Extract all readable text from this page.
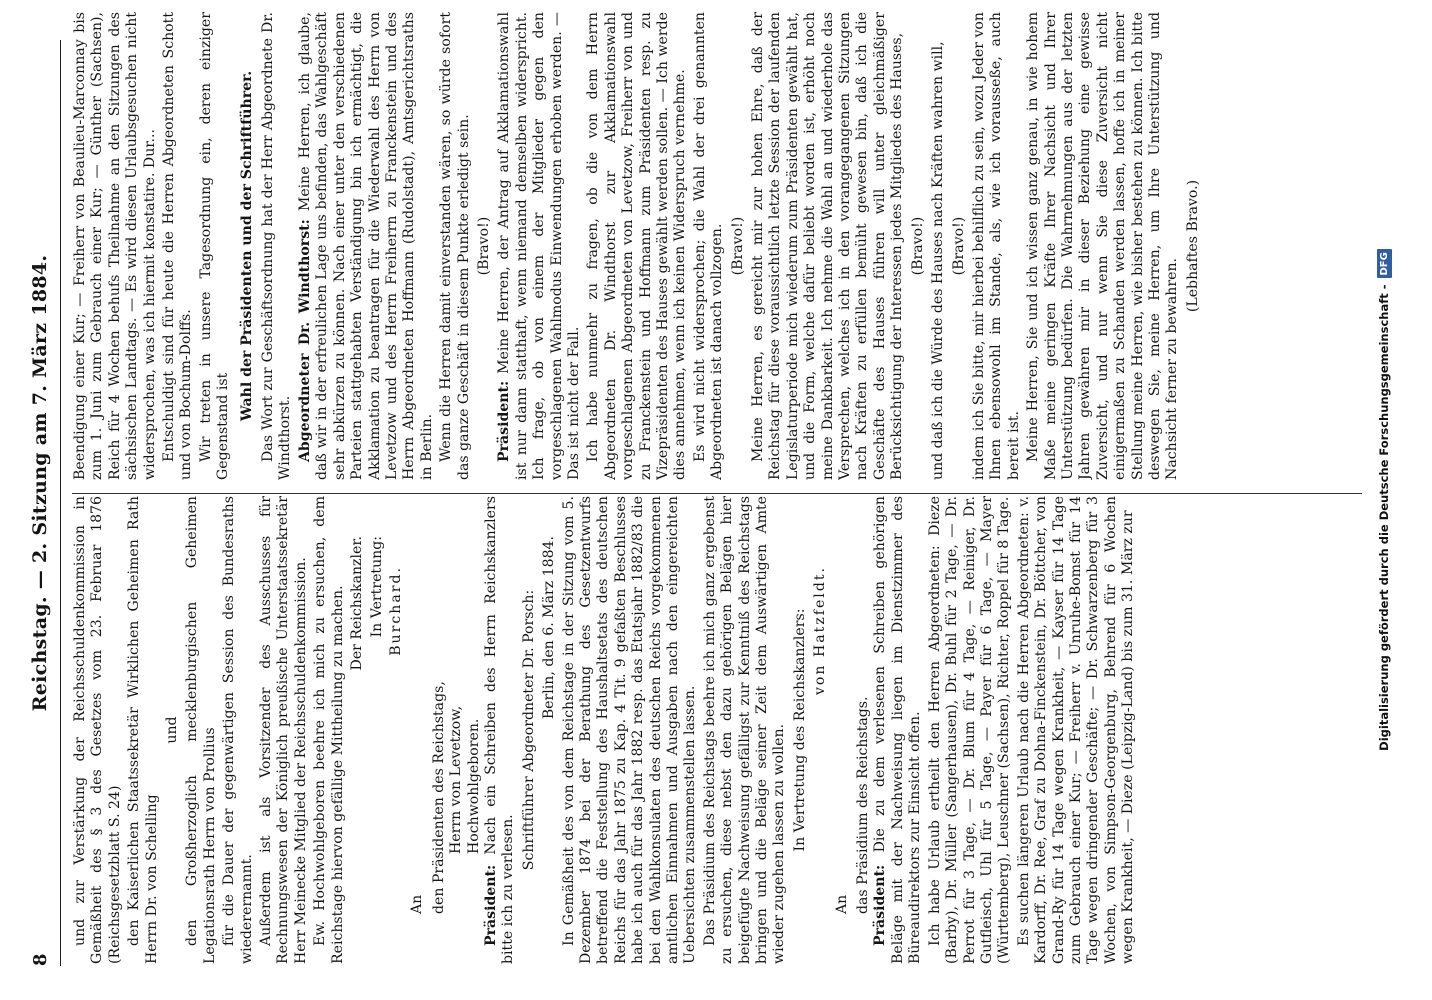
8
Reichstag. — 2. Sitzung am 7. März 1884.

und zur Verstärkung der Reichsschuldenkommission in Gemäßheit des § 3 des Gesetzes vom 23. Februar 1876 (Reichsgesetzblatt S. 24) den Kaiserlichen Staatssekretär Wirklichen Geheimen Rath Herrn Dr. von Schelling

und den Großherzoglich mecklenburgischen Geheimen Legationsrath Herrn von Prollius für die Dauer der gegenwärtigen Session des Bundesraths wiederernannt. Außerdem ist als Vorsitzender des Ausschusses für Rechnungswesen der Königlich preußische Unterstaatssekretär Herr Meinecke Mitglied der Reichsschuldenkommission. Ew. Hochwohlgeboren beehre ich mich zu ersuchen, dem Reichstage hiervon gefällige Mittheilung zu machen. Der Reichskanzler. In Vertretung: Burchard.

An den Präsidenten des Reichstags, Herrn von Levetzow, Hochwohlgeboren.

Präsident: Nach ein Schreiben des Herrn Reichskanzlers bitte ich zu verlesen.

Schriftführer Abgeordneter Dr. Porsch: Berlin, den 6. März 1884. In Gemäßheit des von dem Reichstage in der Sitzung vom 5. Dezember 1874 bei der Berathung des Gesetzentwurfs betreffend die Feststellung des Haushaltsetats des deutschen Reichs für das Jahr 1875 zu Kap. 4 Tit. 9 gefaßten Beschlusses habe ich auch für das Jahr 1882 resp. das Etatsjahr 1882/83 die bei den Wahlkonsulaten des deutschen Reichs vorgekommenen amtlichen Einnahmen und Ausgaben nach den eingereichten Uebersichten zusammenstellen lassen. Das Präsidium des Reichstags beehre ich mich ganz ergebenst zu ersuchen, diese nebst den dazu gehörigen Belägen hier beigefügte Nachweisung gefälligst zur Kenntniß des Reichstags bringen und die Beläge seiner Zeit dem Auswärtigen Amte wieder zugehen lassen zu wollen. In Vertretung des Reichskanzlers: von Hatzfeldt.

An das Präsidium des Reichstags. Präsident: Die zu dem verlesenen Schreiben gehörigen Beläge mit der Nachweisung liegen im Dienstzimmer des Büreaudirektors zur Einsicht offen. Ich habe Urlaub ertheilt den Herren Abgeordneten: Dieze (Barby), Dr. Müller (Sangerhausen), Dr. Buhl für 2 Tage, — Dr. Perrot für 3 Tage, — Dr. Blum für 4 Tage, — Reiniger, Dr. Gutfleisch, Uhl für 5 Tage, — Payer für 6 Tage, — Mayer (Württemberg), Leuschner (Sachsen), Richter, Roppel für 8 Tage. Es suchen längeren Urlaub nach die Herren Abgeordneten: v. Kardorff, Dr. Ree, Graf zu Dohna-Finckenstein, Dr. Böttcher, von Grand-Ry für 14 Tage wegen Krankheit, — Kayser für 14 Tage zum Gebrauch einer Kur; — Freiherr v. Unruhe-Bomst für 14 Tage wegen dringender Geschäfte; — Dr. Schwarzenberg für 3 Wochen, von Simpson-Georgenburg, Behrend für 6 Wochen wegen Krankheit, — Dieze (Leipzig-Land) bis zum 31. März zur

Beendigung einer Kur; — Freiherr von Beaulieu-Marconnay bis zum 1. Juni zum Gebrauch einer Kur; — Günther (Sachsen), Reich für 4 Wochen behufs Theilnahme an den Sitzungen des sächsischen Landtags. — Es wird diesen Urlaubsgesuchen nicht widersprochen, was ich hiermit konstatire. Dur... Entschuldigt sind für heute die Herren Abgeordneten Schott und von Bochum-Dolffs. Wir treten in unsere Tagesordnung ein, deren einziger Gegenstand ist

Wahl der Präsidenten und der Schriftführer. Das Wort zur Geschäftsordnung hat der Herr Abgeordnete Dr. Windthorst. Abgeordneter Dr. Windthorst: Meine Herren, ich glaube, daß wir in der erfreulichen Lage uns befinden, das Wahlgeschäft sehr abkürzen zu können. Nach einer unter den verschiedenen Parteien stattgehabten Verständigung bin ich ermächtigt, die Akklamation zu beantragen für die Wiederwahl des Herrn von Levetzow und des Herrn Freiherrn zu Franckenstein und des Herrn Abgeordneten Hoffmann (Rudolstadt), Amtsgerichtsraths in Berlin. Wenn die Herren damit einverstanden wären, so würde sofort das ganze Geschäft in diesem Punkte erledigt sein. (Bravo!)

Präsident: Meine Herren, der Antrag auf Akklamationswahl ist nur dann statthaft, wenn niemand demselben widerspricht. Ich frage, ob von einem der Mitglieder gegen den vorgeschlagenen Wahlmodus Einwendungen erhoben werden. — Das ist nicht der Fall. Ich habe nunmehr zu fragen, ob die von dem Herrn Abgeordneten Dr. Windthorst zur Akklamationswahl vorgeschlagenen Abgeordneten von Levetzow, Freiherr von und zu Franckenstein und Hoffmann zum Präsidenten resp. zu Vizepräsidenten des Hauses gewählt werden sollen. — Ich werde dies annehmen, wenn ich keinen Widerspruch vernehme. Es wird nicht widersprochen; die Wahl der drei genannten Abgeordneten ist danach vollzogen. (Bravo!) Meine Herren, es gereicht mir zur hohen Ehre, daß der Reichstag für diese voraussichtlich letzte Session der laufenden Legislaturperiode mich wiederum zum Präsidenten gewählt hat, und die Form, welche dafür beliebt worden ist, erhöht noch meine Dankbarkeit. Ich nehme die Wahl an und wiederhole das Versprechen, welches ich in den vorangegangenen Sitzungen nach Kräften zu erfüllen bemüht gewesen bin, daß ich die Geschäfte des Hauses führen will unter gleichmäßiger Berücksichtigung der Interessen jedes Mitgliedes des Hauses, (Bravo!) und daß ich die Würde des Hauses nach Kräften wahren will, (Bravo!) indem ich Sie bitte, mir hierbei behilflich zu sein, wozu Jeder von Ihnen ebensowohl im Stande, als, wie ich vorausseße, auch bereit ist. Meine Herren, Sie und ich wissen ganz genau, in wie hohem Maße meine geringen Kräfte Ihrer Nachsicht und Ihrer Unterstützung bedürfen. Die Wahrnehmungen aus der letzten Jahren gewähren mir in dieser Beziehung eine gewisse Zuversicht, und nur wenn Sie diese Zuversicht nicht einigermaßen zu Schanden werden lassen, hoffe ich in meiner Stellung meine Herren, wie bisher bestehen zu können. Ich bitte deswegen Sie, meine Herren, um Ihre Unterstützung und Nachsicht ferner zu bewahren.

(Lebhaftes Bravo.)

Digitalisierung gefördert durch die Deutsche Forschungsgemeinschaft -
DFG
